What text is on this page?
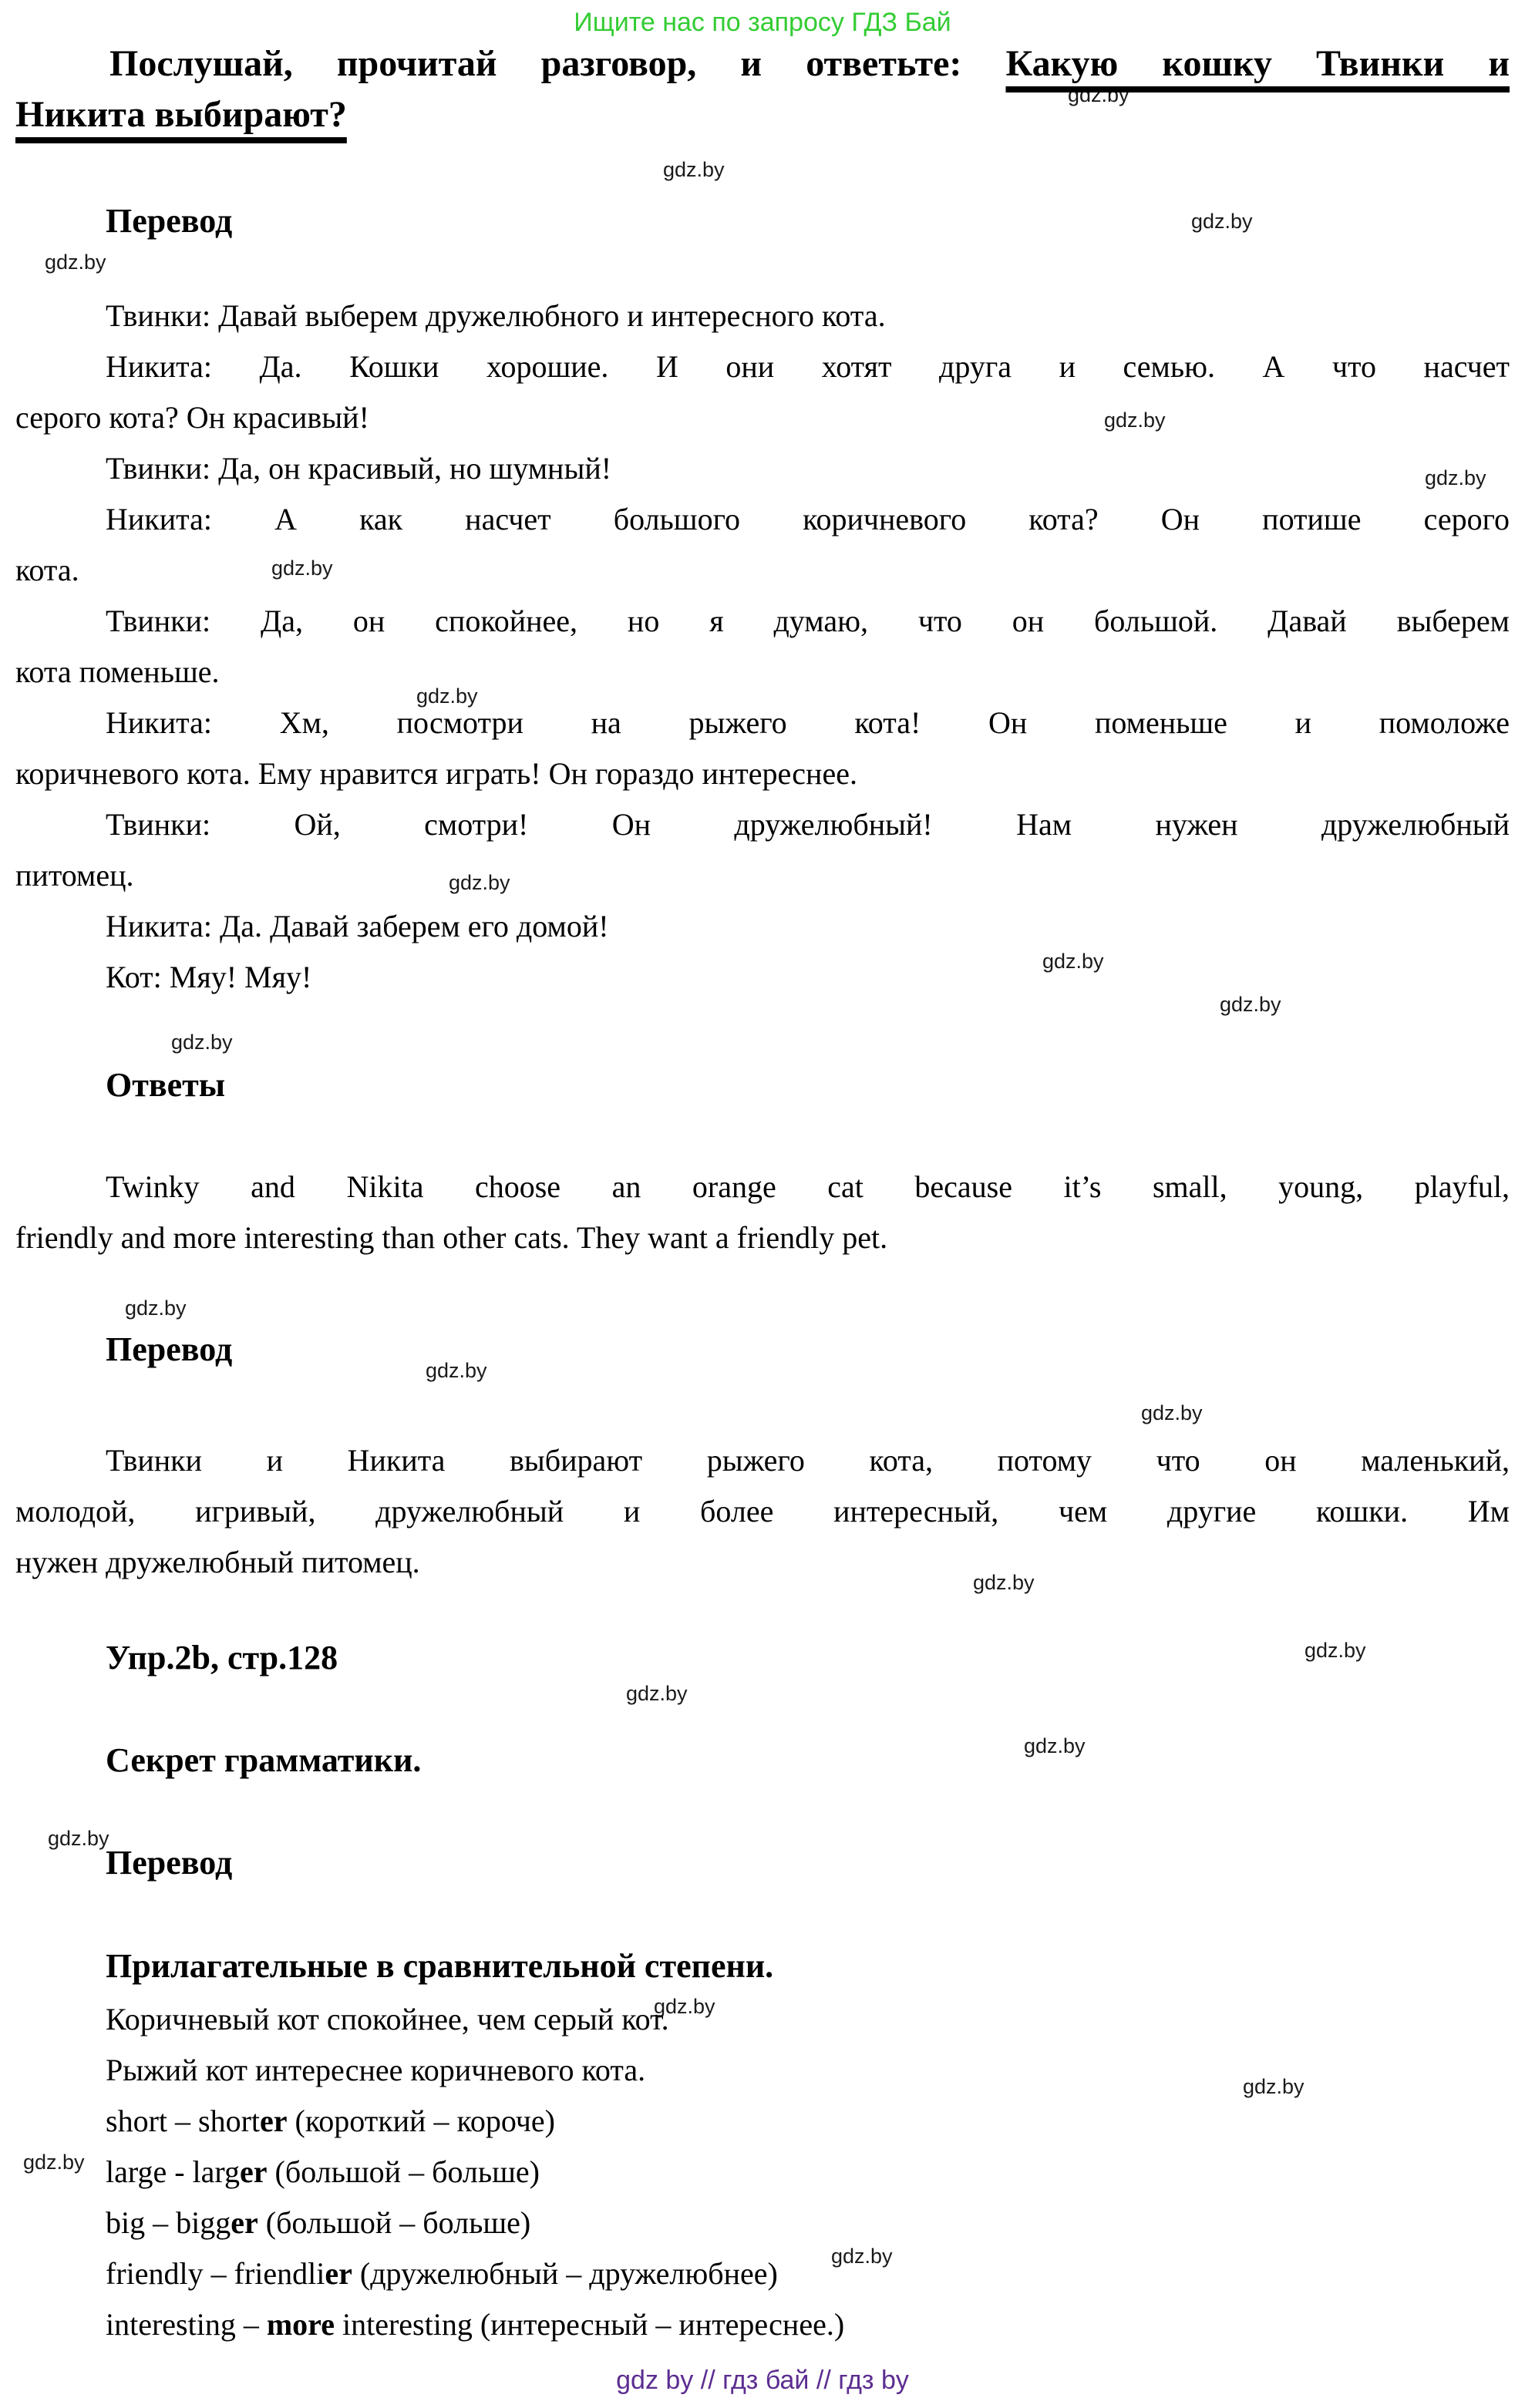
gdz.by
gdz.by
gdz.by
gdz.by
gdz.by
gdz.by
gdz.by
gdz.by
gdz.by
gdz.by
gdz.by
gdz.by
gdz.by
gdz.by
gdz.by
gdz.by
gdz.by
gdz.by
gdz.by
gdz.by
gdz.by
gdz.by
gdz.by
gdz.by
Ищите нас по запросу ГДЗ Бай
Послушай, прочитай разговор, и ответьте: Какую кошку Твинки и
Никита выбирают?
Перевод
Твинки: Давай выберем дружелюбного и интересного кота.
Никита: Да. Кошки хорошие. И они хотят друга и семью. А что насчет
серого кота? Он красивый!
Твинки: Да, он красивый, но шумный!
Никита: А как насчет большого коричневого кота? Он потише серого
кота.
Твинки: Да, он спокойнее, но я думаю, что он большой. Давай выберем
кота поменьше.
Никита: Хм, посмотри на рыжего кота! Он поменьше и помоложе
коричневого кота. Ему нравится играть! Он гораздо интереснее.
Твинки: Ой, смотри! Он дружелюбный! Нам нужен дружелюбный
питомец.
Никита: Да. Давай заберем его домой!
Кот: Мяу! Мяу!
Ответы
Twinky and Nikita choose an orange cat because it’s small, young, playful,
friendly and more interesting than other cats. They want a friendly pet.
Перевод
Твинки и Никита выбирают рыжего кота, потому что он маленький,
молодой, игривый, дружелюбный и более интересный, чем другие кошки. Им
нужен дружелюбный питомец.
Упр.2b, стр.128
Секрет грамматики.
Перевод
Прилагательные в сравнительной степени.
Коричневый кот спокойнее, чем серый кот.
Рыжий кот интереснее коричневого кота.
short – shorter (короткий – короче)
large - larger (большой – больше)
big – bigger (большой – больше)
friendly – friendlier (дружелюбный – дружелюбнее)
interesting – more interesting (интересный – интереснее.)
gdz by // гдз бай // гдз by
